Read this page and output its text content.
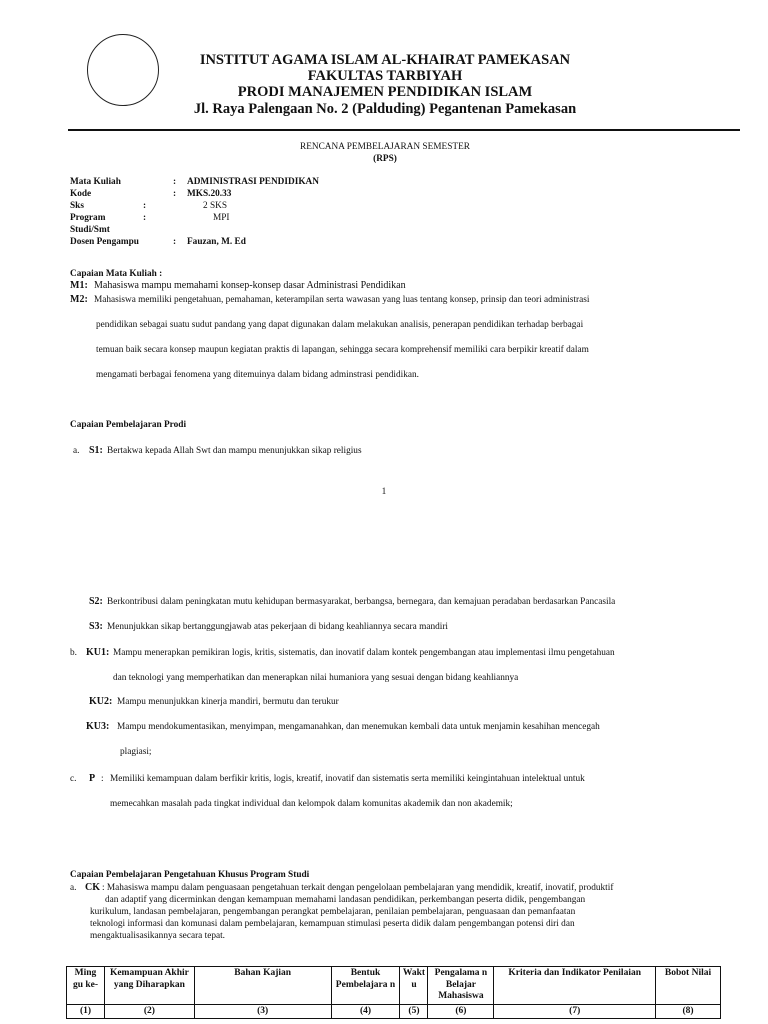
INSTITUT AGAMA ISLAM AL-KHAIRAT PAMEKASAN
FAKULTAS TARBIYAH
PRODI MANAJEMEN PENDIDIKAN ISLAM
Jl. Raya Palengaan No. 2 (Palduding) Pegantenan Pamekasan
RENCANA PEMBELAJARAN SEMESTER
(RPS)
Mata Kuliah	: ADMINISTRASI PENDIDIKAN
Kode	: MKS.20.33
Sks	:	2 SKS
Program Studi/Smt
:	MPI
Dosen Pengampu	: Fauzan, M. Ed
Capaian Mata Kuliah :
M1: Mahasiswa mampu memahami konsep-konsep dasar Administrasi Pendidikan
M2: Mahasiswa memiliki pengetahuan, pemahaman, keterampilan serta wawasan yang luas tentang konsep, prinsip dan teori administrasi
pendidikan sebagai suatu sudut pandang yang dapat digunakan dalam melakukan analisis, penerapan pendidikan terhadap berbagai
temuan baik secara konsep maupun kegiatan praktis di lapangan, sehingga secara komprehensif memiliki cara berpikir kreatif dalam
mengamati berbagai fenomena yang ditemuinya dalam bidang adminstrasi pendidikan.
Capaian Pembelajaran Prodi
a. S1: Bertakwa kepada Allah Swt dan mampu menunjukkan sikap religius
1
S2: Berkontribusi dalam peningkatan mutu kehidupan bermasyarakat, berbangsa, bernegara, dan kemajuan peradaban berdasarkan Pancasila
S3: Menunjukkan sikap bertanggungjawab atas pekerjaan di bidang keahliannya secara mandiri
b. KU1: Mampu menerapkan pemikiran logis, kritis, sistematis, dan inovatif dalam kontek pengembangan atau implementasi ilmu pengetahuan
dan teknologi yang memperhatikan dan menerapkan nilai humaniora yang sesuai dengan bidang keahliannya
KU2: Mampu menunjukkan kinerja mandiri, bermutu dan terukur
KU3: Mampu mendokumentasikan, menyimpan, mengamanahkan, dan menemukan kembali data untuk menjamin kesahihan mencegah
plagiasi;
c. P : Memiliki kemampuan dalam berfikir kritis, logis, kreatif, inovatif dan sistematis serta memiliki keingintahuan intelektual untuk
memecahkan masalah pada tingkat individual dan kelompok dalam komunitas akademik dan non akademik;
Capaian Pembelajaran Pengetahuan Khusus Program Studi
a. CK : Mahasiswa mampu dalam penguasaan pengetahuan terkait dengan pengelolaan pembelajaran yang mendidik, kreatif, inovatif, produktif
dan adaptif yang dicerminkan dengan kemampuan memahami landasan pendidikan, perkembangan peserta didik, pengembangan
kurikulum, landasan pembelajaran, pengembangan perangkat pembelajaran, penilaian pembelajaran, penguasaan dan pemanfaatan
teknologi informasi dan komunasi dalam pembelajaran, kemampuan stimulasi peserta didik dalam pengembangan potensi diri dan
mengaktualisasikannya secara tepat.
Ming gu ke-	Kemampuan Akhir yang Diharapkan	Bahan Kajian	Bentuk Pembelajara n	Wakt u	Pengalama n Belajar Mahasiswa	Kriteria dan Indikator Penilaian	Bobot Nilai
(1)	(2)	(3)	(4)	(5)	(6)	(7)	(8)
